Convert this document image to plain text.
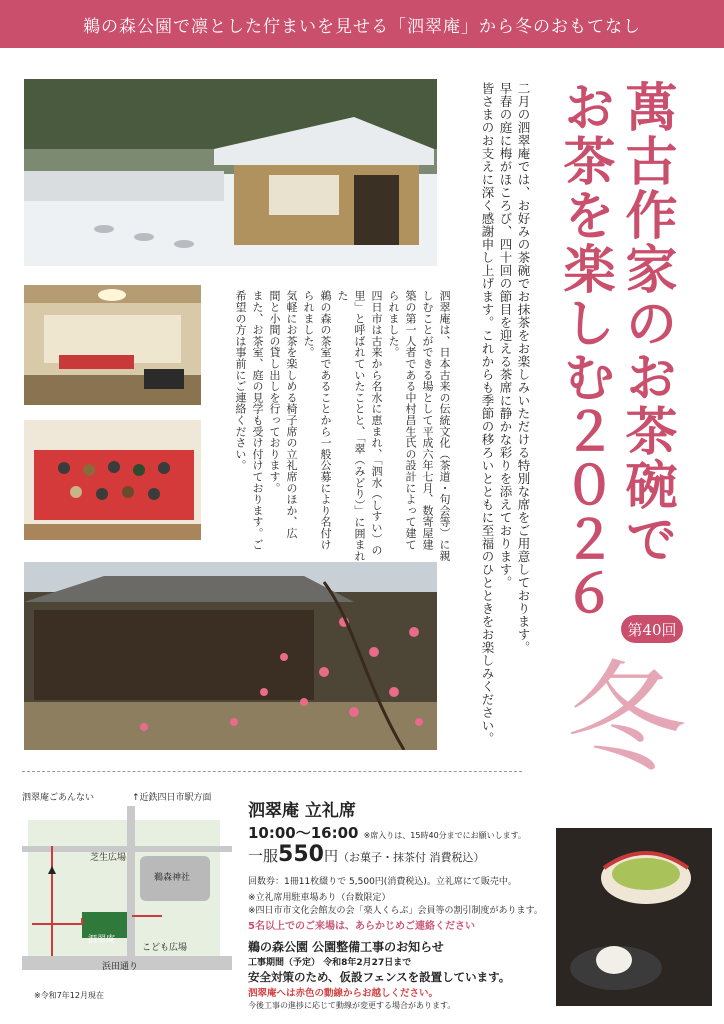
鵜の森公園で凛とした佇まいを見せる「泗翠庵」から冬のおもてなし
泗翠庵は、日本古来の伝統文化（茶道・句会等）に親
しむことができる場として平成六年七月、数寄屋建
築の第一人者である中村昌生氏の設計によって建て
られました。
四日市は古来から名水に恵まれ、「泗水（しすい）の
里」と呼ばれていたことと、「翠（みどり）」に囲まれた
鵜の森の茶室であることから一般公募により名付け
られました。
気軽にお茶を楽しめる椅子席の立礼席のほか、広
間と小間の貸し出しを行っております。
また、お茶室、庭の見学も受け付けております。ご
希望の方は事前にご連絡ください。	二月の泗翠庵では、お好みの茶碗でお抹茶をお楽しみいただける特別な席をご用意しております。
早春の庭に梅がほころび、四十回の節目を迎える茶席に静かな彩りを添えております。
皆さまのお支えに深く感謝申し上げます。これからも季節の移ろいとともに至福のひとときをお楽しみください。 萬古作家のお茶碗で
お茶を楽しむ２０２６
第40回
冬
泗翠庵ごあんない	↑近鉄四日市駅方面
芝生広場
鵜森神社
泗翠庵
こども広場
浜田通り
※令和7年12月現在
泗翠庵 立礼席
10:00〜16:00 ※席入りは、15時40分までにお願いします。
一服550円（お菓子・抹茶付 消費税込）
回数券：1冊11枚綴りで 5,500円(消費税込)。立礼席にて販売中。
※立礼席用駐車場あり（台数限定）
※四日市市文化会館友の会「楽人くらぶ」会員等の割引制度があります。
5名以上でのご来場は、あらかじめご連絡ください
鵜の森公園 公園整備工事のお知らせ
工事期間（予定） 令和8年2月27日まで
安全対策のため、仮設フェンスを設置しています。
泗翠庵へは赤色の動線からお越しください。
今後工事の進捗に応じて動線が変更する場合があります。
